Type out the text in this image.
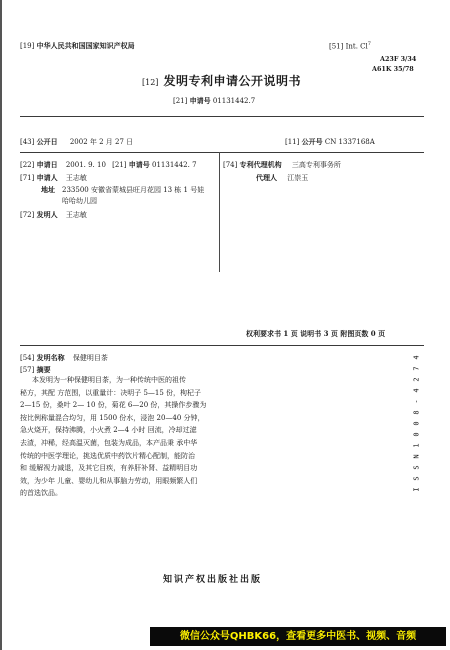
[19] 中华人民共和国国家知识产权局	[51] Int. Cl$^7$
A23F 3/34
A61K 35/78
[12] 发明专利申请公开说明书
[21] 申请号 01131442.7
[43] 公开日 2002 年 2 月 27 日	[11] 公开号 CN 1337168A
[22] 申请日 2001. 9. 10 [21] 申请号 01131442. 7
[71] 申请人 王志敏
地址 233500 安徽省蒙城县旺月花园 13 栋 1 号娃
哈哈幼儿园
[72] 发明人 王志敏
[74] 专利代理机构 三高专利事务所
代理人 江崇玉
权利要求书 1 页 说明书 3 页 附图页数 0 页
[54] 发明名称 保健明目茶
[57] 摘要
本发明为一种保健明目茶，为一种传统中医的祖传
秘方，其配 方范围，以重量计：决明子 5—15 份，枸杞子
2—15 份，桑叶 2— 10 份，菊花 6—20 份，其操作步骤为
按比例称量混合均匀，用 1500 份水，浸泡 20—40 分钟，
急火烧开，保持沸腾，小火煮 2—4 小时 回流，冷却过滤
去渣，冲稀，经高温灭菌，包装为成品，本产品秉 承中华
传统的中医学理论，挑选优质中药饮片精心配制，能防治
和 缓解视力减退，及其它目疾，有养肝补肾、益精明目功
效，为少年 儿童、婴幼儿和从事脑力劳动，用眼频繁人们
的首选饮品。
4
7
2
4
-
8
0
0
1
N
S
S
I
知识产权出版社出版
微信公众号QHBK66，查看更多中医书、视频、音频
